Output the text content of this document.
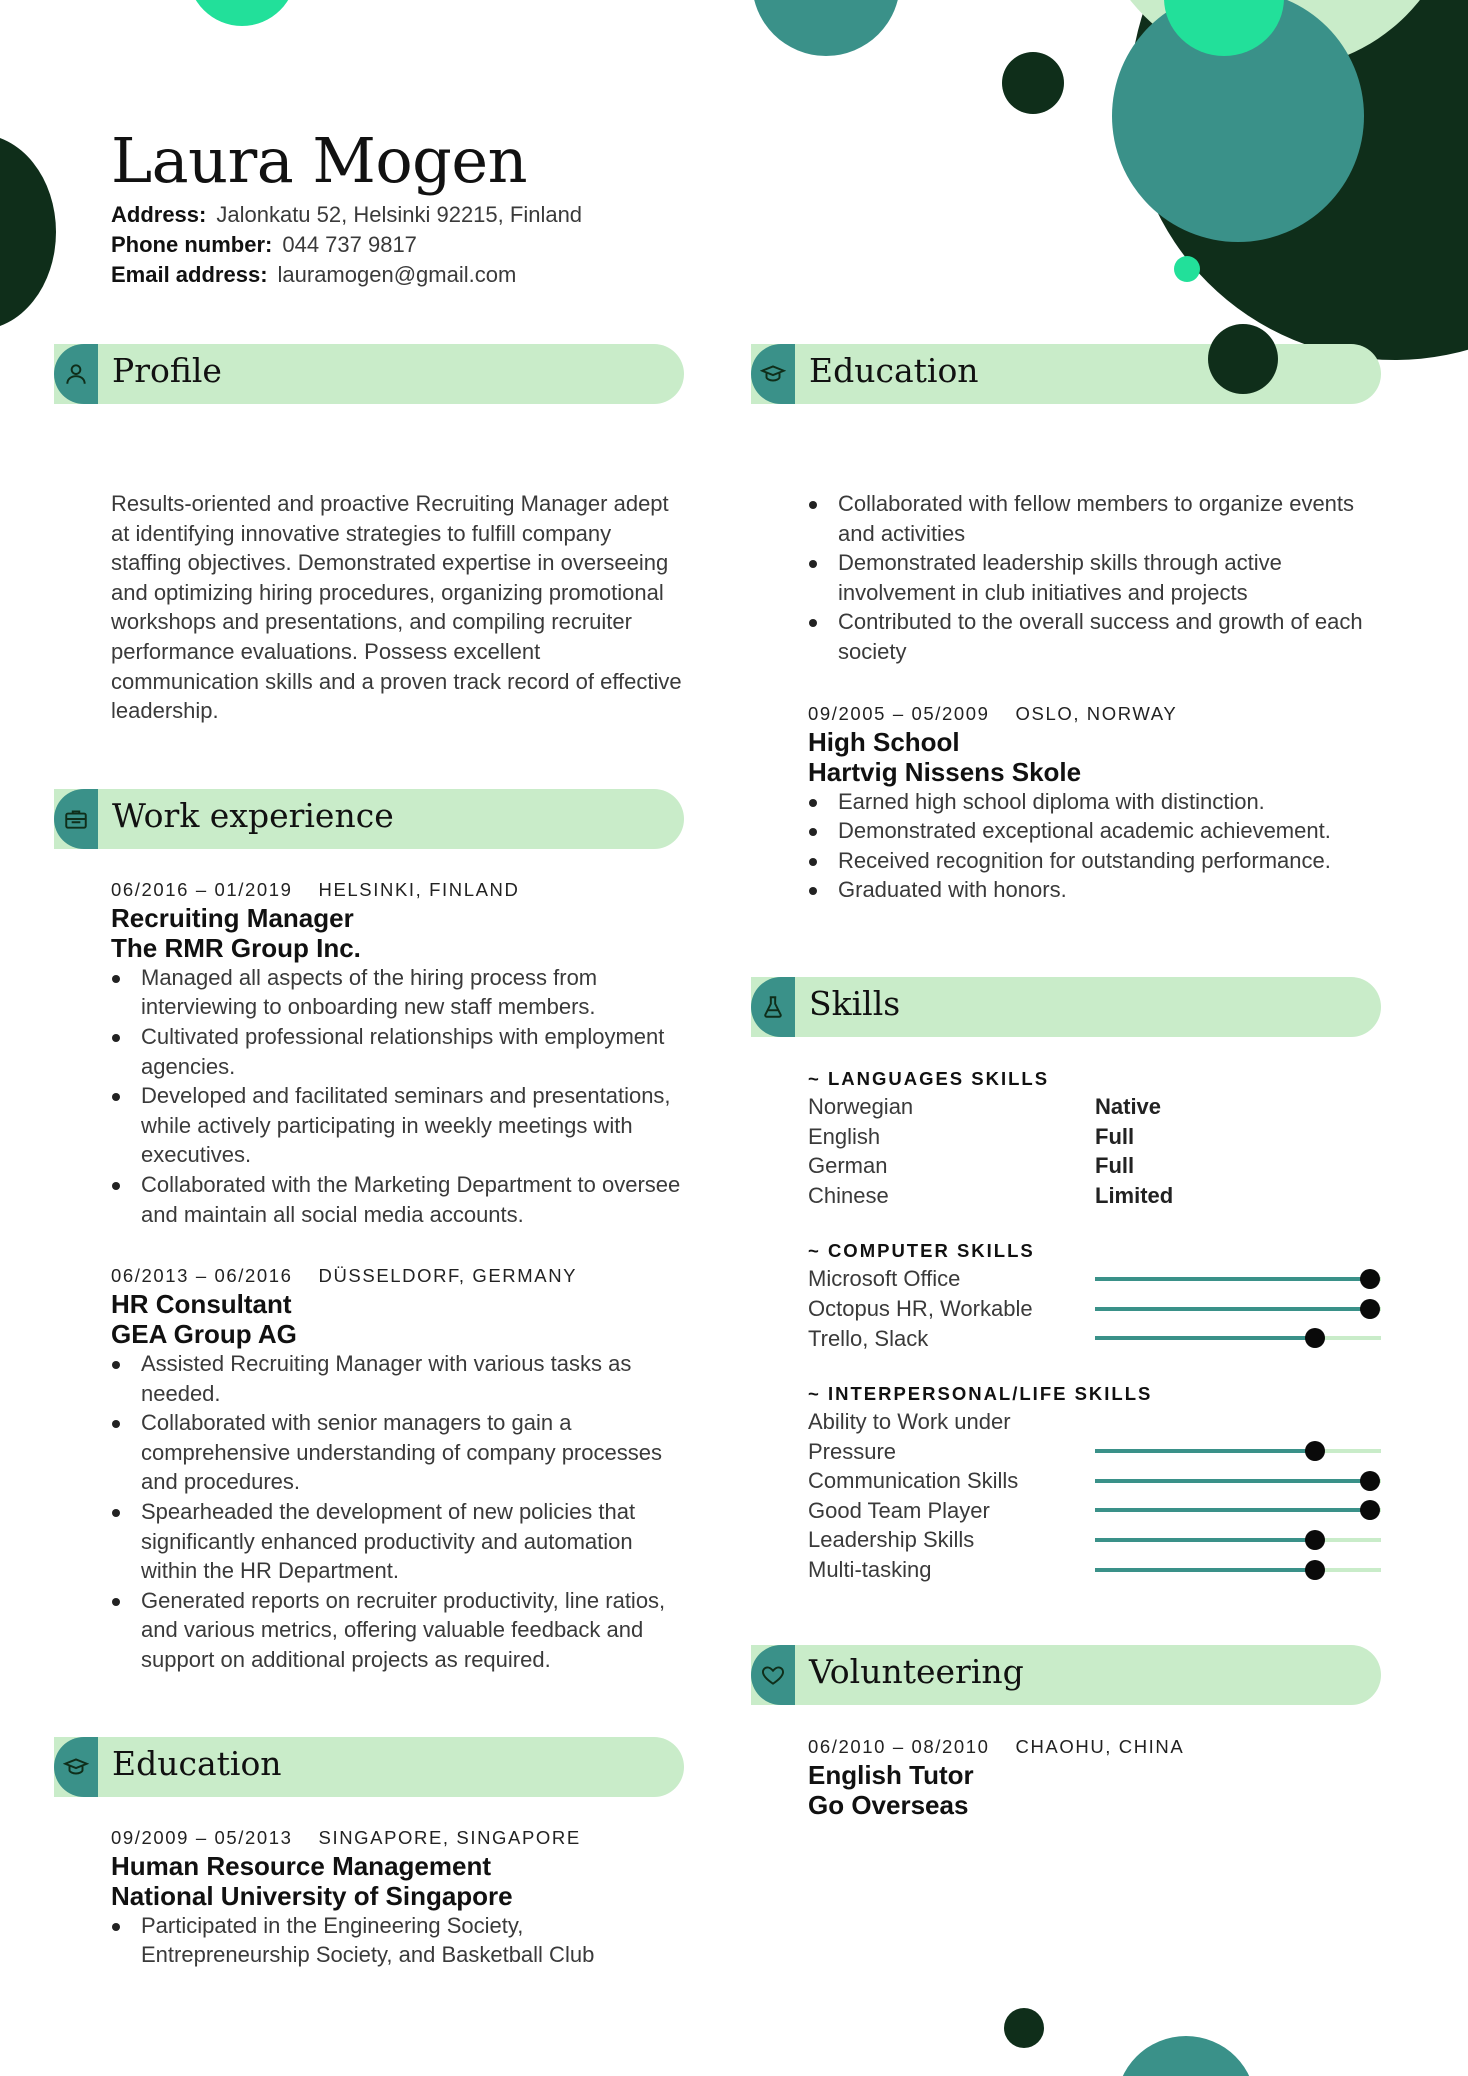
Laura Mogen
Address: Jalonkatu 52, Helsinki 92215, Finland
Phone number: 044 737 9817
Email address: lauramogen@gmail.com
Profile

Results-oriented and proactive Recruiting Manager adept at identifying innovative strategies to fulfill company staffing objectives. Demonstrated expertise in overseeing and optimizing hiring procedures, organizing promotional workshops and presentations, and compiling recruiter performance evaluations. Possess excellent communication skills and a proven track record of effective leadership.

Work experience
06/2016 – 01/2019 HELSINKI, FINLAND
Recruiting Manager
The RMR Group Inc.
Managed all aspects of the hiring process from interviewing to onboarding new staff members.
Cultivated professional relationships with employment agencies.
Developed and facilitated seminars and presentations, while actively participating in weekly meetings with executives.
Collaborated with the Marketing Department to oversee and maintain all social media accounts.
06/2013 – 06/2016 DÜSSELDORF, GERMANY
HR Consultant
GEA Group AG
Assisted Recruiting Manager with various tasks as needed.
Collaborated with senior managers to gain a comprehensive understanding of company processes and procedures.
Spearheaded the development of new policies that significantly enhanced productivity and automation within the HR Department.
Generated reports on recruiter productivity, line ratios, and various metrics, offering valuable feedback and support on additional projects as required.
Education
09/2009 – 05/2013 SINGAPORE, SINGAPORE
Human Resource Management
National University of Singapore
Participated in the Engineering Society, Entrepreneurship Society, and Basketball Club
Education
Collaborated with fellow members to organize events and activities
Demonstrated leadership skills through active involvement in club initiatives and projects
Contributed to the overall success and growth of each society
09/2005 – 05/2009 OSLO, NORWAY
High School
Hartvig Nissens Skole
Earned high school diploma with distinction.
Demonstrated exceptional academic achievement.
Received recognition for outstanding performance.
Graduated with honors.
Skills
~ LANGUAGES SKILLS
Norwegian	Native
English	Full
German	Full
Chinese	Limited
~ COMPUTER SKILLS
Microsoft Office
Octopus HR, Workable
Trello, Slack
~ INTERPERSONAL/LIFE SKILLS
Ability to Work under Pressure
Communication Skills
Good Team Player
Leadership Skills
Multi-tasking
Volunteering
06/2010 – 08/2010 CHAOHU, CHINA
English Tutor
Go Overseas
